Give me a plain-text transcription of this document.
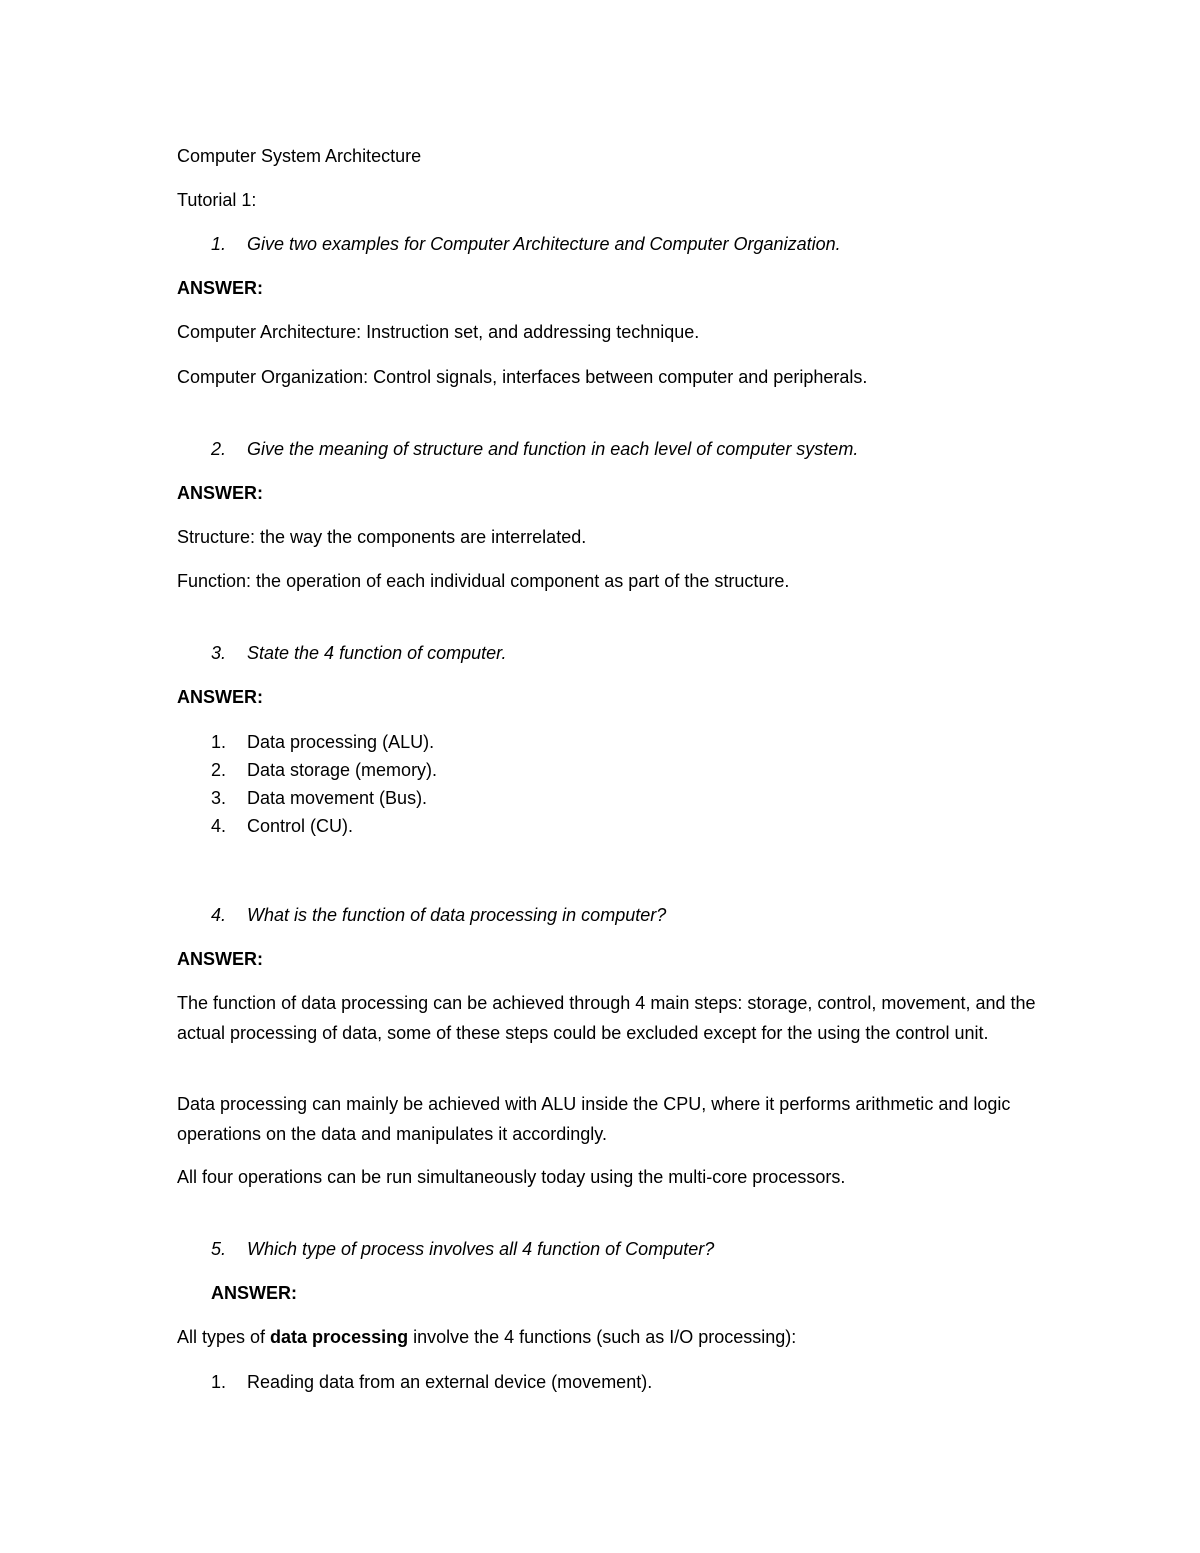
Computer System Architecture
Tutorial 1:
1.	Give two examples for Computer Architecture and Computer Organization.
ANSWER:
Computer Architecture: Instruction set, and addressing technique.
Computer Organization: Control signals, interfaces between computer and peripherals.
2.	Give the meaning of structure and function in each level of computer system.
ANSWER:
Structure: the way the components are interrelated.
Function: the operation of each individual component as part of the structure.
3.	State the 4 function of computer.
ANSWER:
1.	Data processing (ALU).
2.	Data storage (memory).
3.	Data movement (Bus).
4.	Control (CU).
4.	What is the function of data processing in computer?
ANSWER:
The function of data processing can be achieved through 4 main steps: storage, control, movement, and the actual processing of data, some of these steps could be excluded except for the using the control unit.
Data processing can mainly be achieved with ALU inside the CPU, where it performs arithmetic and logic operations on the data and manipulates it accordingly.
All four operations can be run simultaneously today using the multi-core processors.
5.	Which type of process involves all 4 function of Computer?
ANSWER:
All types of data processing involve the 4 functions (such as I/O processing):
1.	Reading data from an external device (movement).
